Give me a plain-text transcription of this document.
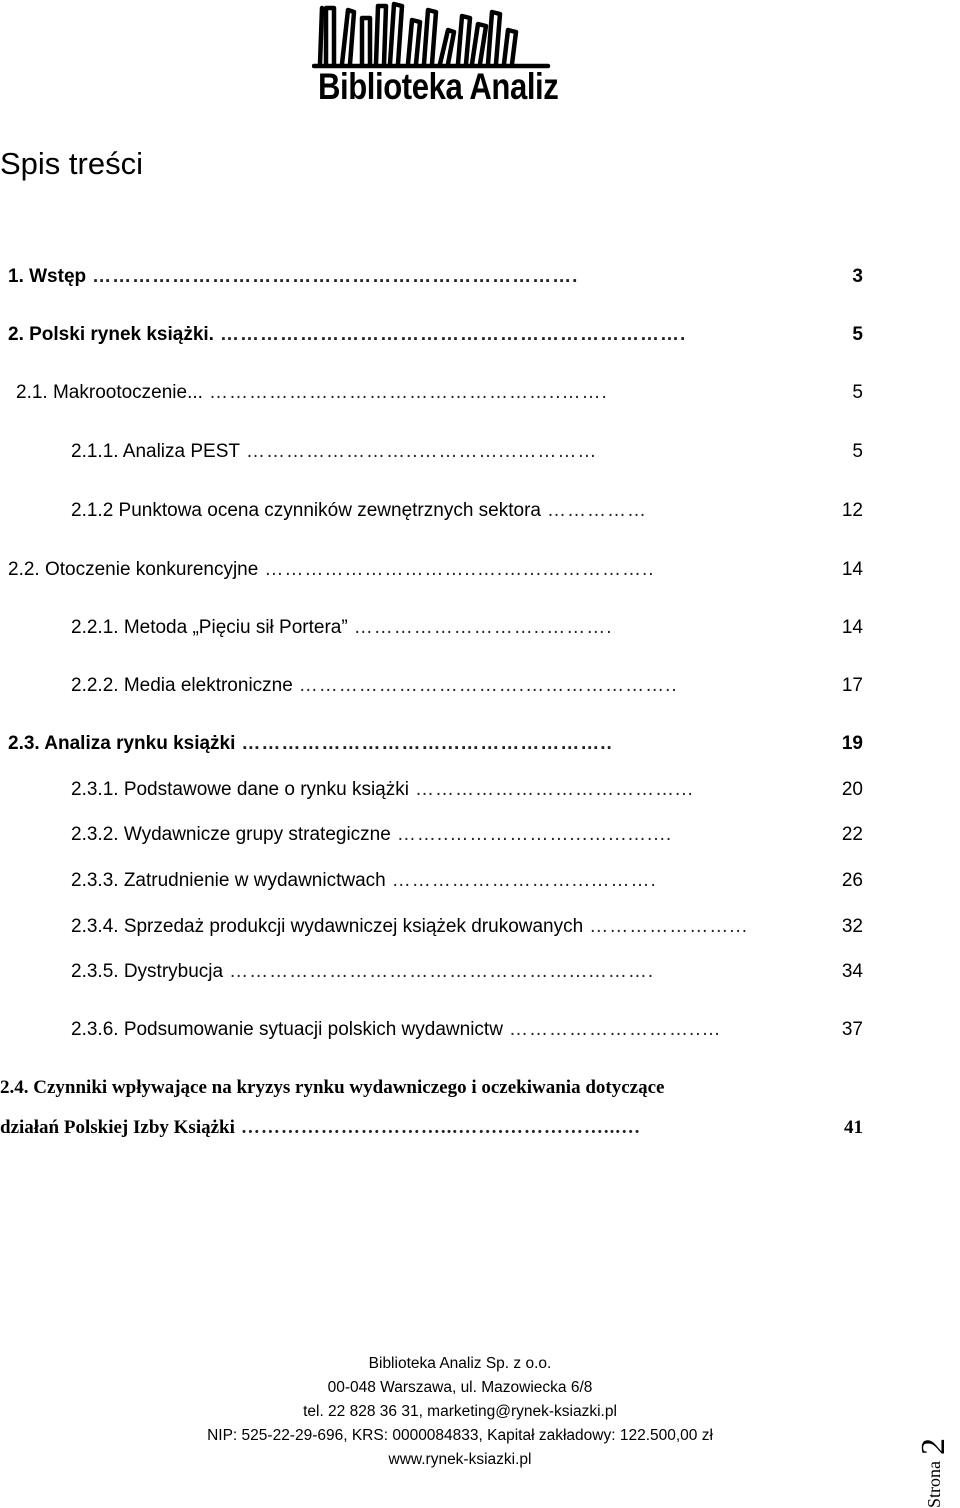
Biblioteka Analiz
Spis treści
1. Wstęp ……………………………………………………………….	3
2. Polski rynek książki. …………………………………………………………….	5
2.1. Makrootoczenie... ……………………………………………..…….	5
2.1.1. Analiza PEST ……………………..…………...…………	5
2.1.2 Punktowa ocena czynników zewnętrznych sektora ……………	12
2.2. Otoczenie konkurencyjne …………………………..….…...……………..	14
2.2.1. Metoda „Pięciu sił Portera” ………………………..……….	14
2.2.2. Media elektroniczne …………………………….…………………..	17
2.3. Analiza rynku książki …………………………...…………………..	19
2.3.1. Podstawowe dane o rynku książki …………………………………...	20
2.3.2. Wydawnicze grupy strategiczne ……..………………...…...…....	22
2.3.3. Zatrudnienie w wydawnictwach ………………………...……….	26
2.3.4. Sprzedaż produkcji wydawniczej książek drukowanych …………………...	32
2.3.5. Dystrybucja ……………………………………………...……….	34
2.3.6. Podsumowanie sytuacji polskich wydawnictw ………………………..…	37
2.4. Czynniki wpływające na kryzys rynku wydawniczego i oczekiwania dotyczące
działań Polskiej Izby Książki …………………………...…….……………...…	41
Biblioteka Analiz Sp. z o.o.
00-048 Warszawa, ul. Mazowiecka 6/8
tel. 22 828 36 31, marketing@rynek-ksiazki.pl
NIP: 525-22-29-696, KRS: 0000084833, Kapitał zakładowy: 122.500,00 zł
www.rynek-ksiazki.pl
Strona
2
